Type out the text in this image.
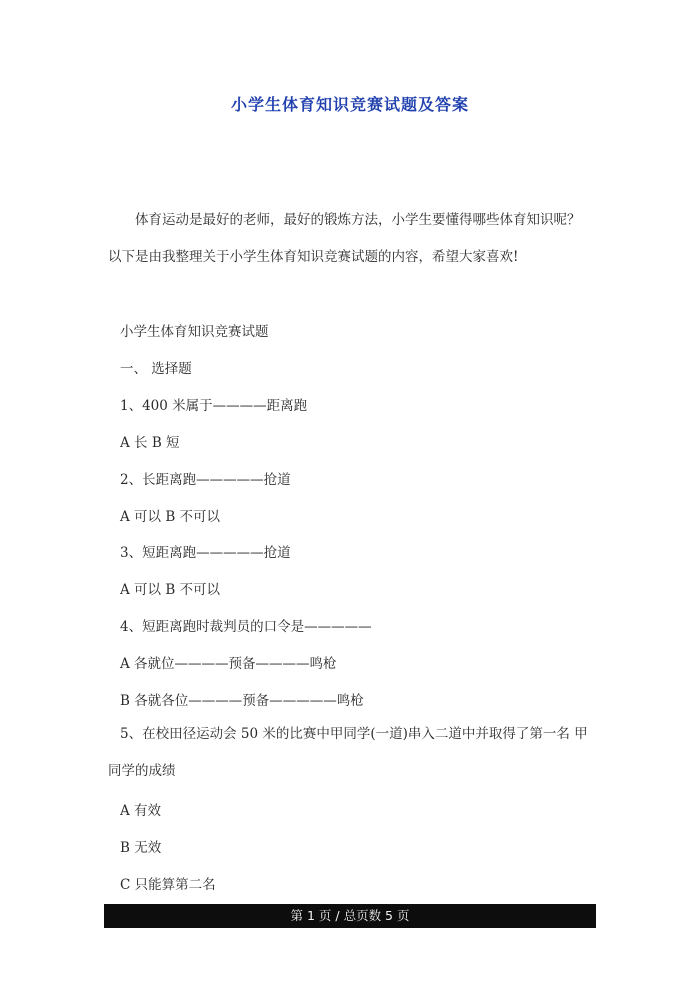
小学生体育知识竞赛试题及答案

体育运动是最好的老师，最好的锻炼方法，小学生要懂得哪些体育知识呢？以下是由我整理关于小学生体育知识竞赛试题的内容，希望大家喜欢!

小学生体育知识竞赛试题

一、 选择题

1、400 米属于————距离跑

A 长 B 短

2、长距离跑—————抢道

A 可以 B 不可以

3、短距离跑—————抢道

A 可以 B 不可以

4、短距离跑时裁判员的口令是—————

A 各就位————预备————鸣枪

B 各就各位————预备—————鸣枪

5、在校田径运动会 50 米的比赛中甲同学(一道)串入二道中并取得了第一名 甲同学的成绩

A 有效

B 无效

C 只能算第二名

第 1 页 / 总页数 5 页
